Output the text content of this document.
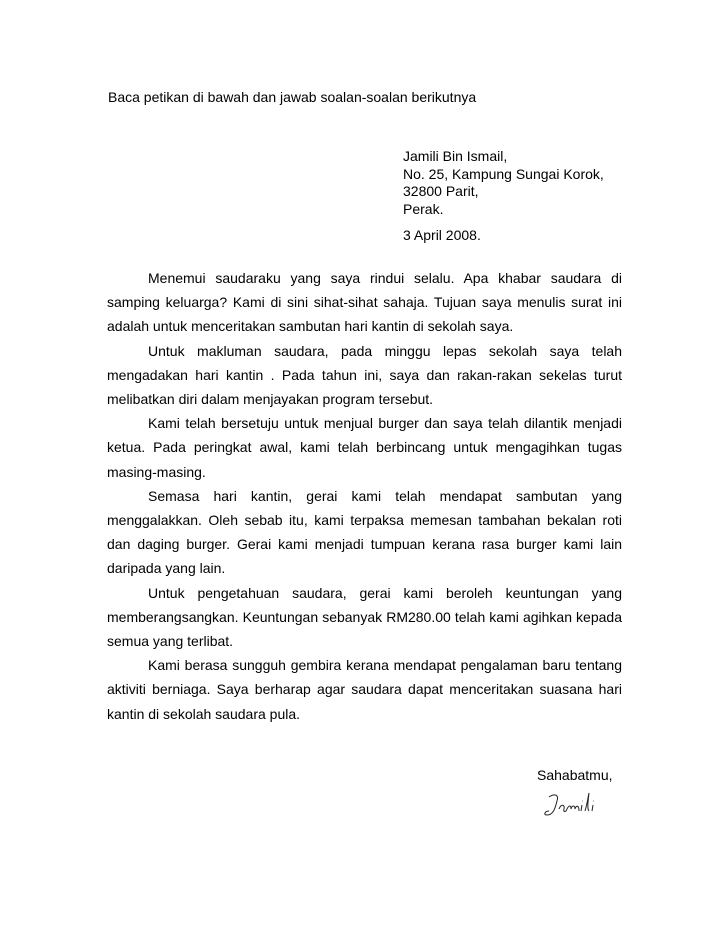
Baca petikan di bawah dan jawab soalan-soalan berikutnya
Jamili Bin Ismail,
No. 25, Kampung Sungai Korok,
32800 Parit,
Perak.
3 April 2008.

Menemui saudaraku yang saya rindui selalu. Apa khabar saudara di samping keluarga? Kami di sini sihat-sihat sahaja. Tujuan saya menulis surat ini adalah untuk menceritakan sambutan hari kantin di sekolah saya.

Untuk makluman saudara, pada minggu lepas sekolah saya telah mengadakan hari kantin . Pada tahun ini, saya dan rakan-rakan sekelas turut melibatkan diri dalam menjayakan program tersebut.

Kami telah bersetuju untuk menjual burger dan saya telah dilantik menjadi ketua. Pada peringkat awal, kami telah berbincang untuk mengagihkan tugas masing-masing.

Semasa hari kantin, gerai kami telah mendapat sambutan yang menggalakkan. Oleh sebab itu, kami terpaksa memesan tambahan bekalan roti dan daging burger. Gerai kami menjadi tumpuan kerana rasa burger kami lain daripada yang lain.

Untuk pengetahuan saudara, gerai kami beroleh keuntungan yang memberangsangkan. Keuntungan sebanyak RM280.00 telah kami agihkan kepada semua yang terlibat.

Kami berasa sungguh gembira kerana mendapat pengalaman baru tentang aktiviti berniaga. Saya berharap agar saudara dapat menceritakan suasana hari kantin di sekolah saudara pula.

Sahabatmu,
